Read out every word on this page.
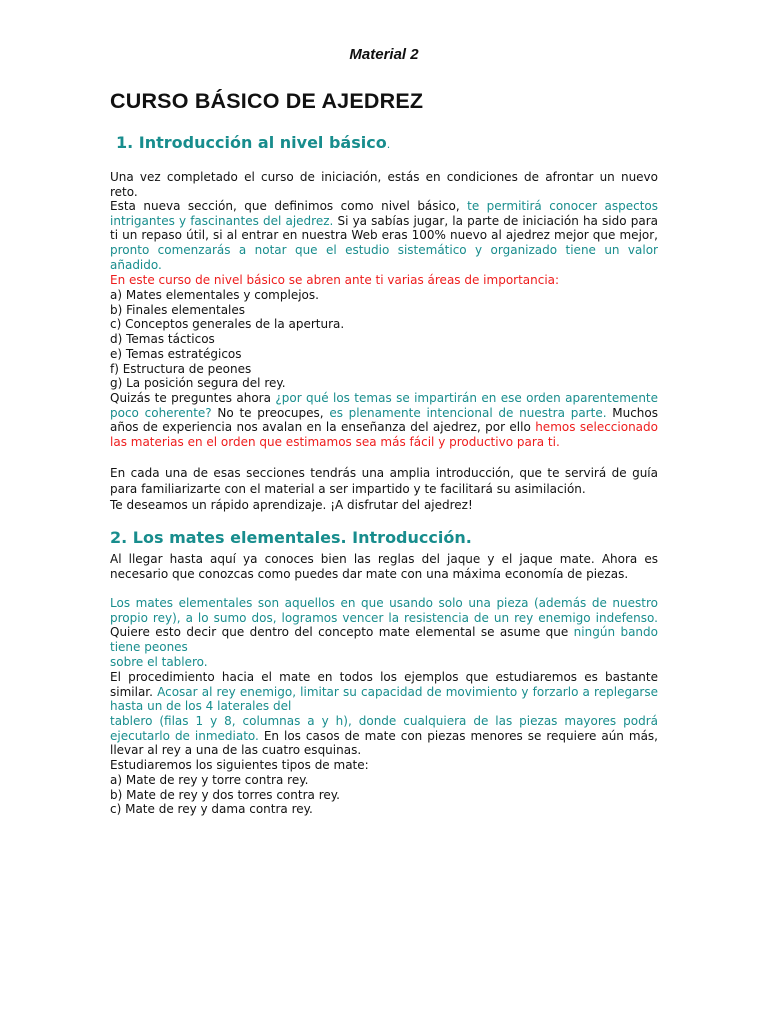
Material 2
CURSO BÁSICO DE AJEDREZ
1. Introducción al nivel básico.
Una vez completado el curso de iniciación, estás en condiciones de afrontar un nuevo reto.
Esta nueva sección, que definimos como nivel básico, te permitirá conocer aspectos intrigantes y fascinantes del ajedrez. Si ya sabías jugar, la parte de iniciación ha sido para ti un repaso útil, si al entrar en nuestra Web eras 100% nuevo al ajedrez mejor que mejor, pronto comenzarás a notar que el estudio sistemático y organizado tiene un valor añadido.
En este curso de nivel básico se abren ante ti varias áreas de importancia:
a) Mates elementales y complejos.
b) Finales elementales
c) Conceptos generales de la apertura.
d) Temas tácticos
e) Temas estratégicos
f) Estructura de peones
g) La posición segura del rey.
Quizás te preguntes ahora ¿por qué los temas se impartirán en ese orden aparentemente poco coherente? No te preocupes, es plenamente intencional de nuestra parte. Muchos años de experiencia nos avalan en la enseñanza del ajedrez, por ello hemos seleccionado las materias en el orden que estimamos sea más fácil y productivo para ti.
En cada una de esas secciones tendrás una amplia introducción, que te servirá de guía para familiarizarte con el material a ser impartido y te facilitará su asimilación.
Te deseamos un rápido aprendizaje. ¡A disfrutar del ajedrez!
2. Los mates elementales. Introducción.
Al llegar hasta aquí ya conoces bien las reglas del jaque y el jaque mate. Ahora es necesario que conozcas como puedes dar mate con una máxima economía de piezas.
Los mates elementales son aquellos en que usando solo una pieza (además de nuestro propio rey), a lo sumo dos, logramos vencer la resistencia de un rey enemigo indefenso. Quiere esto decir que dentro del concepto mate elemental se asume que ningún bando tiene peones
sobre el tablero.
El procedimiento hacia el mate en todos los ejemplos que estudiaremos es bastante similar. Acosar al rey enemigo, limitar su capacidad de movimiento y forzarlo a replegarse hasta un de los 4 laterales del
tablero (filas 1 y 8, columnas a y h), donde cualquiera de las piezas mayores podrá ejecutarlo de inmediato. En los casos de mate con piezas menores se requiere aún más, llevar al rey a una de las cuatro esquinas.
Estudiaremos los siguientes tipos de mate:
a) Mate de rey y torre contra rey.
b) Mate de rey y dos torres contra rey.
c) Mate de rey y dama contra rey.
